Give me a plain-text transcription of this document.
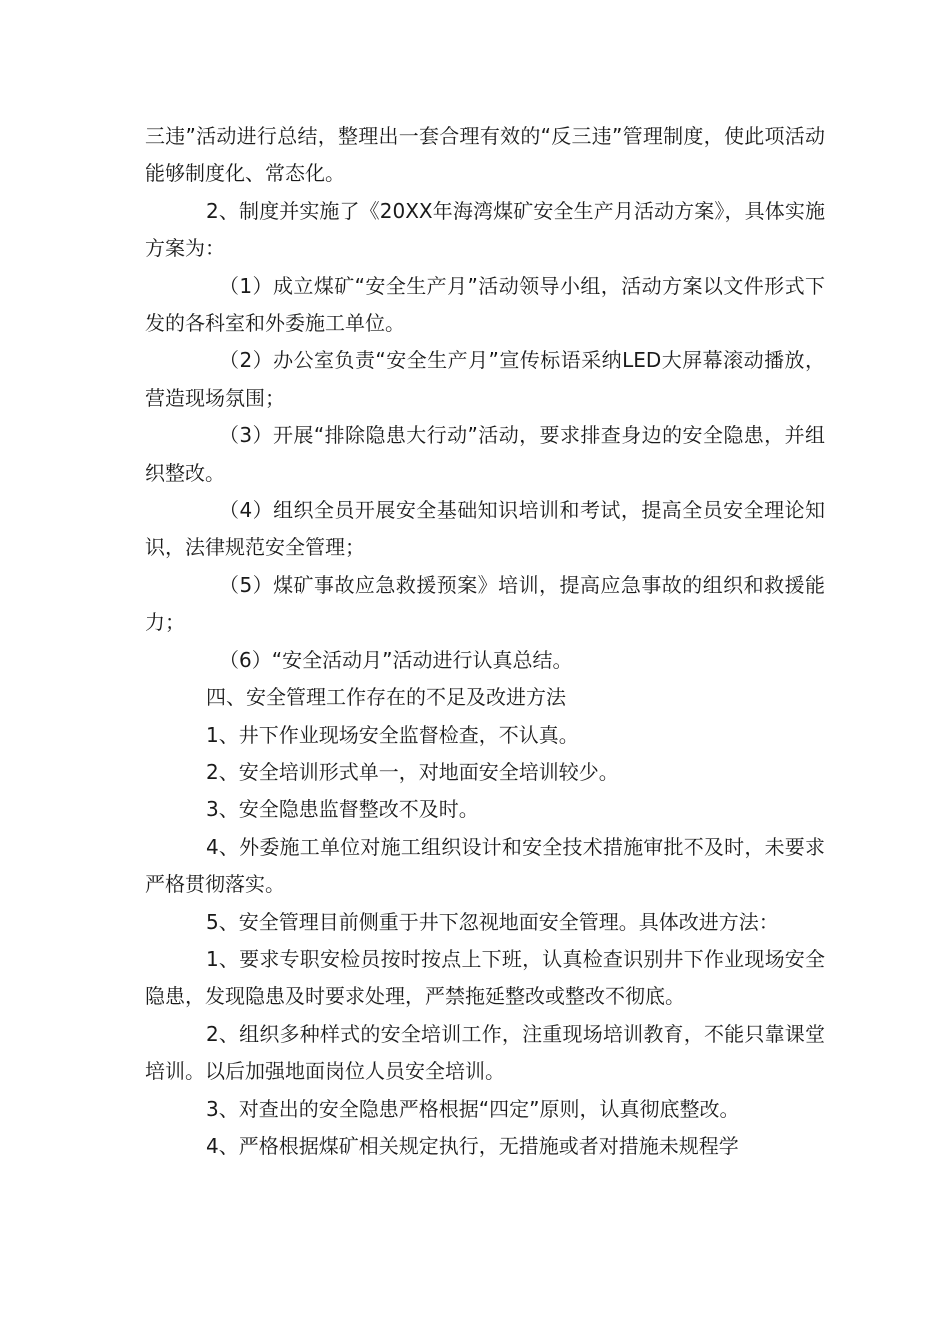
三违”活动进行总结，整理出一套合理有效的“反三违”管理制度，使此项活动能够制度化、常态化。

2、制度并实施了《20XX年海湾煤矿安全生产月活动方案》，具体实施方案为：

（1）成立煤矿“安全生产月”活动领导小组，活动方案以文件形式下发的各科室和外委施工单位。

（2）办公室负责“安全生产月”宣传标语采纳LED大屏幕滚动播放，营造现场氛围；

（3）开展“排除隐患大行动”活动，要求排查身边的安全隐患，并组织整改。

（4）组织全员开展安全基础知识培训和考试，提高全员安全理论知识，法律规范安全管理；

（5）煤矿事故应急救援预案》培训，提高应急事故的组织和救援能力；

（6）“安全活动月”活动进行认真总结。

四、安全管理工作存在的不足及改进方法

1、井下作业现场安全监督检查，不认真。

2、安全培训形式单一，对地面安全培训较少。

3、安全隐患监督整改不及时。

4、外委施工单位对施工组织设计和安全技术措施审批不及时，未要求严格贯彻落实。

5、安全管理目前侧重于井下忽视地面安全管理。具体改进方法：

1、要求专职安检员按时按点上下班，认真检查识别井下作业现场安全隐患，发现隐患及时要求处理，严禁拖延整改或整改不彻底。

2、组织多种样式的安全培训工作，注重现场培训教育，不能只靠课堂培训。以后加强地面岗位人员安全培训。

3、对查出的安全隐患严格根据“四定”原则，认真彻底整改。

4、严格根据煤矿相关规定执行，无措施或者对措施未规程学
